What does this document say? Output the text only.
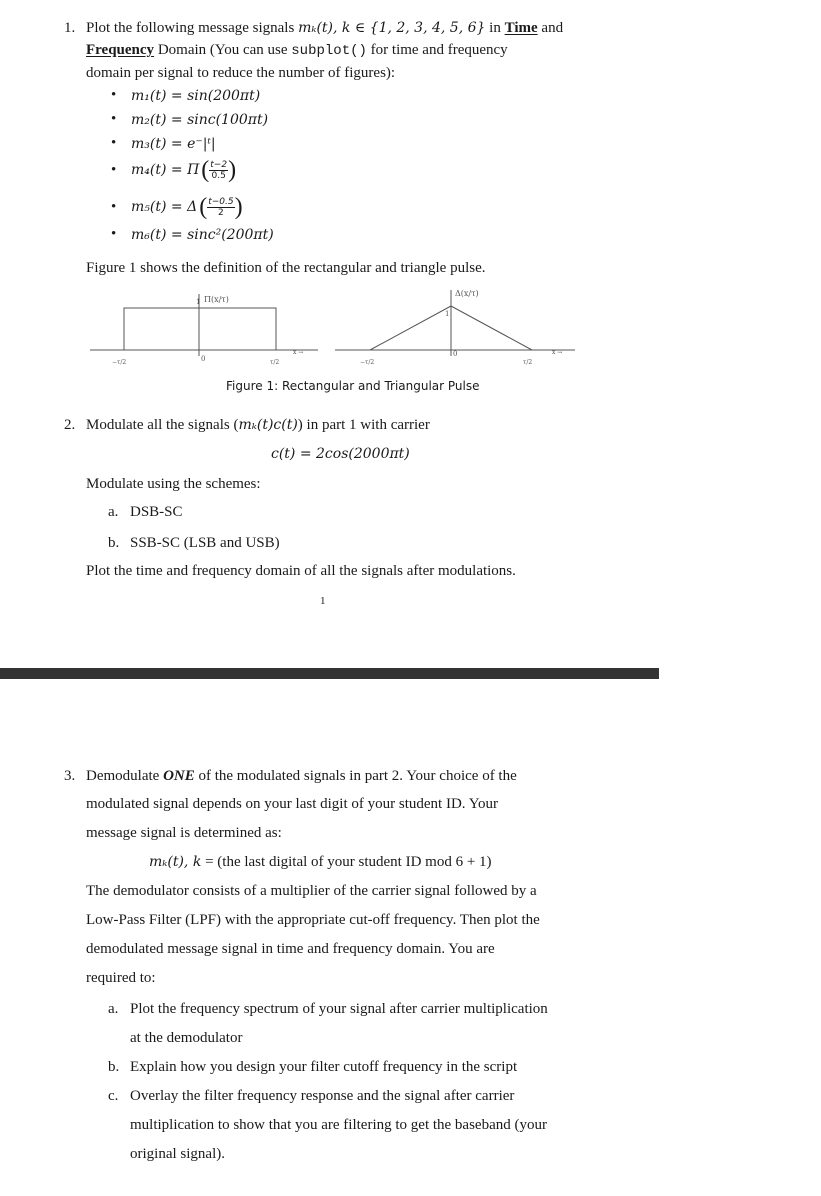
1. Plot the following message signals mₖ(t), k ∈ {1, 2, 3, 4, 5, 6} in Time and
Frequency Domain (You can use subplot() for time and frequency
domain per signal to reduce the number of figures):
• m₁(t) = sin(200πt)
• m₂(t) = sinc(100πt)
• m₃(t) = e⁻|ᵗ|
• m₄(t) = Π ( $\frac{t-2}{0.5}$ )
• m₅(t) = Δ ( $\frac{t-0.5}{2}$ )
• m₆(t) = sinc²(200πt)
Figure 1 shows the definition of the rectangular and triangle pulse.
1 Π(x/τ)
0
−τ/2	τ/2
x →
1
Δ(x/τ)
0
−τ/2	τ/2
x →
Figure 1: Rectangular and Triangular Pulse
2. Modulate all the signals (mₖ(t)c(t)) in part 1 with carrier
c(t) = 2cos(2000πt)
Modulate using the schemes:
a. DSB-SC
b. SSB-SC (LSB and USB)
Plot the time and frequency domain of all the signals after modulations.
1
3. Demodulate ONE of the modulated signals in part 2. Your choice of the
modulated signal depends on your last digit of your student ID. Your
message signal is determined as:
mₖ(t), k = (the last digital of your student ID mod 6 + 1)
The demodulator consists of a multiplier of the carrier signal followed by a
Low-Pass Filter (LPF) with the appropriate cut-off frequency. Then plot the
demodulated message signal in time and frequency domain. You are
required to:
a. Plot the frequency spectrum of your signal after carrier multiplication
at the demodulator
b. Explain how you design your filter cutoff frequency in the script
c. Overlay the filter frequency response and the signal after carrier
multiplication to show that you are filtering to get the baseband (your
original signal).
